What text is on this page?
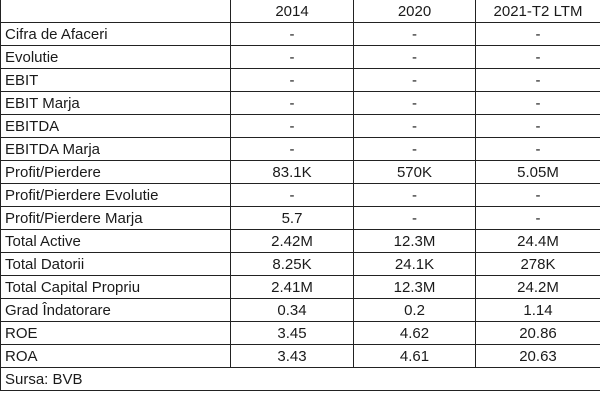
	2014	2020	2021-T2 LTM
Cifra de Afaceri	-	-	-
Evolutie	-	-	-
EBIT	-	-	-
EBIT Marja	-	-	-
EBITDA	-	-	-
EBITDA Marja	-	-	-
Profit/Pierdere	83.1K	570K	5.05M
Profit/Pierdere Evolutie	-	-	-
Profit/Pierdere Marja	5.7	-	-
Total Active	2.42M	12.3M	24.4M
Total Datorii	8.25K	24.1K	278K
Total Capital Propriu	2.41M	12.3M	24.2M
Grad Îndatorare	0.34	0.2	1.14
ROE	3.45	4.62	20.86
ROA	3.43	4.61	20.63
Sursa: BVB			
